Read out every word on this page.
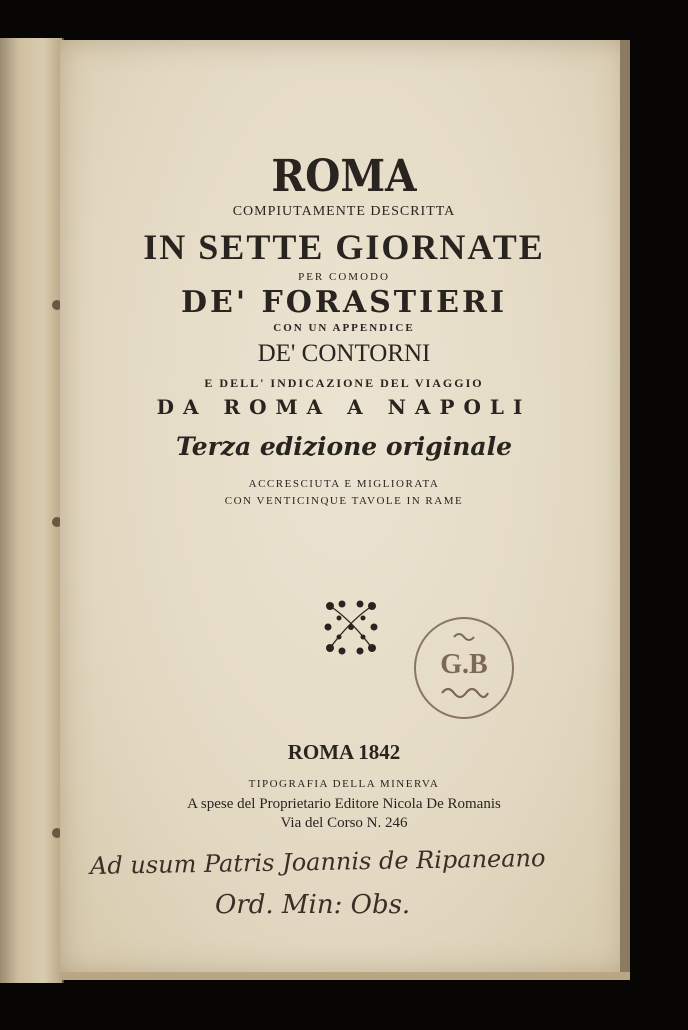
ROMA
COMPIUTAMENTE DESCRITTA
IN SETTE GIORNATE
PER COMODO
DE' FORASTIERI
CON UN APPENDICE
DE' CONTORNI
E DELL' INDICAZIONE DEL VIAGGIO
DA ROMA A NAPOLI
Terza edizione originale
ACCRESCIUTA E MIGLIORATA
CON VENTICINQUE TAVOLE IN RAME
G.B
ROMA 1842
TIPOGRAFIA DELLA MINERVA
A spese del Proprietario Editore Nicola De Romanis
Via del Corso N. 246
Ad usum Patris Joannis de Ripaneano
Ord. Min: Obs.
